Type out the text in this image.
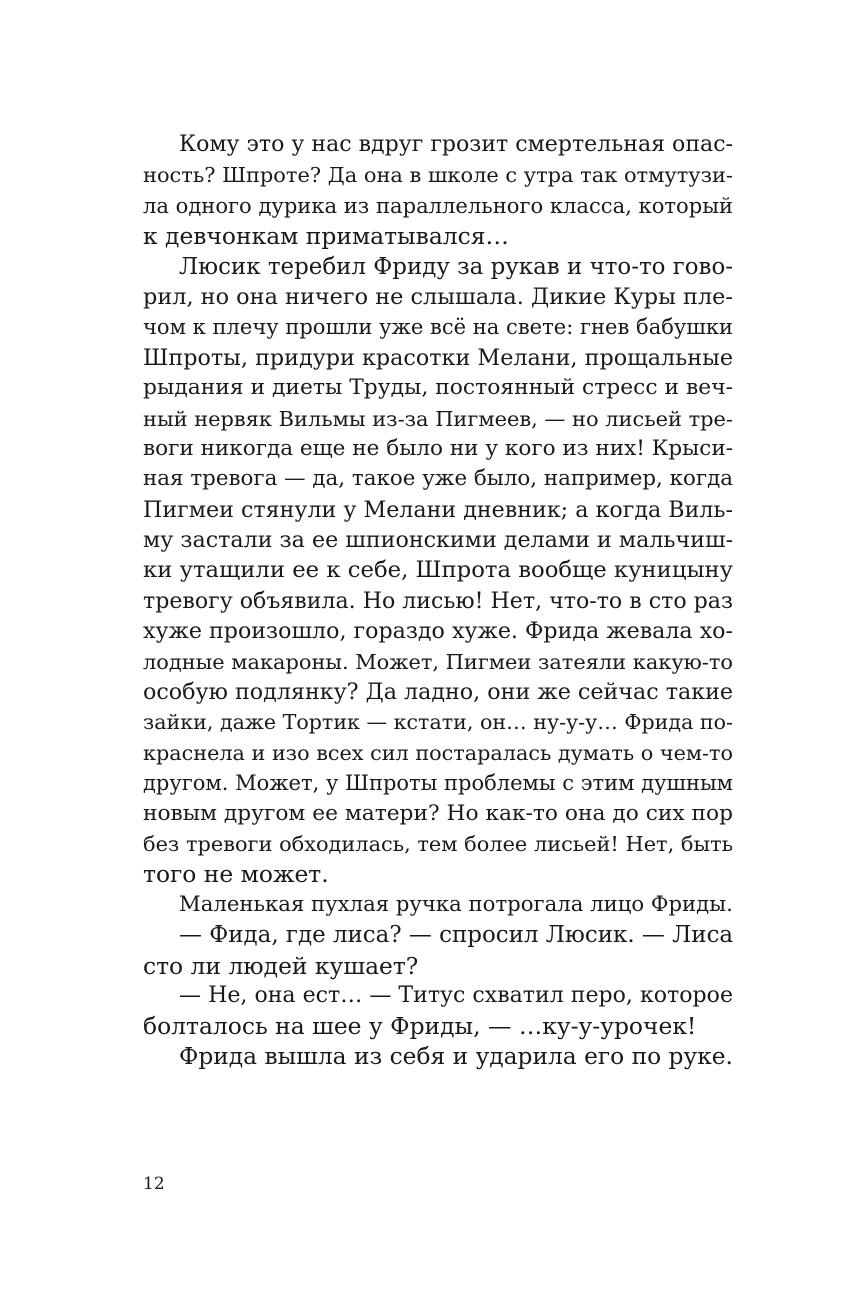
Кому это у нас вдруг грозит смертельная опас-
ность? Шпроте? Да она в школе с утра так отмутузи-
ла одного дурика из параллельного класса, который
к девчонкам приматывался…
Люсик теребил Фриду за рукав и что-то гово-
рил, но она ничего не слышала. Дикие Куры пле-
чом к плечу прошли уже всё на свете: гнев бабушки
Шпроты, придури красотки Мелани, прощальные
рыдания и диеты Труды, постоянный стресс и веч-
ный нервяк Вильмы из-за Пигмеев, — но лисьей тре-
воги никогда еще не было ни у кого из них! Крыси-
ная тревога — да, такое уже было, например, когда
Пигмеи стянули у Мелани дневник; а когда Виль-
му застали за ее шпионскими делами и мальчиш-
ки утащили ее к себе, Шпрота вообще куницыну
тревогу объявила. Но лисью! Нет, что-то в сто раз
хуже произошло, гораздо хуже. Фрида жевала хо-
лодные макароны. Может, Пигмеи затеяли какую-то
особую подлянку? Да ладно, они же сейчас такие
зайки, даже Тортик — кстати, он… ну-у-у… Фрида по-
краснела и изо всех сил постаралась думать о чем-то
другом. Может, у Шпроты проблемы с этим душным
новым другом ее матери? Но как-то она до сих пор
без тревоги обходилась, тем более лисьей! Нет, быть
того не может.
Маленькая пухлая ручка потрогала лицо Фриды.
— Фида, где лиса? — спросил Люсик. — Лиса
сто ли людей кушает?
— Не, она ест… — Титус схватил перо, которое
болталось на шее у Фриды, — …ку-у-урочек!
Фрида вышла из себя и ударила его по руке.
12
